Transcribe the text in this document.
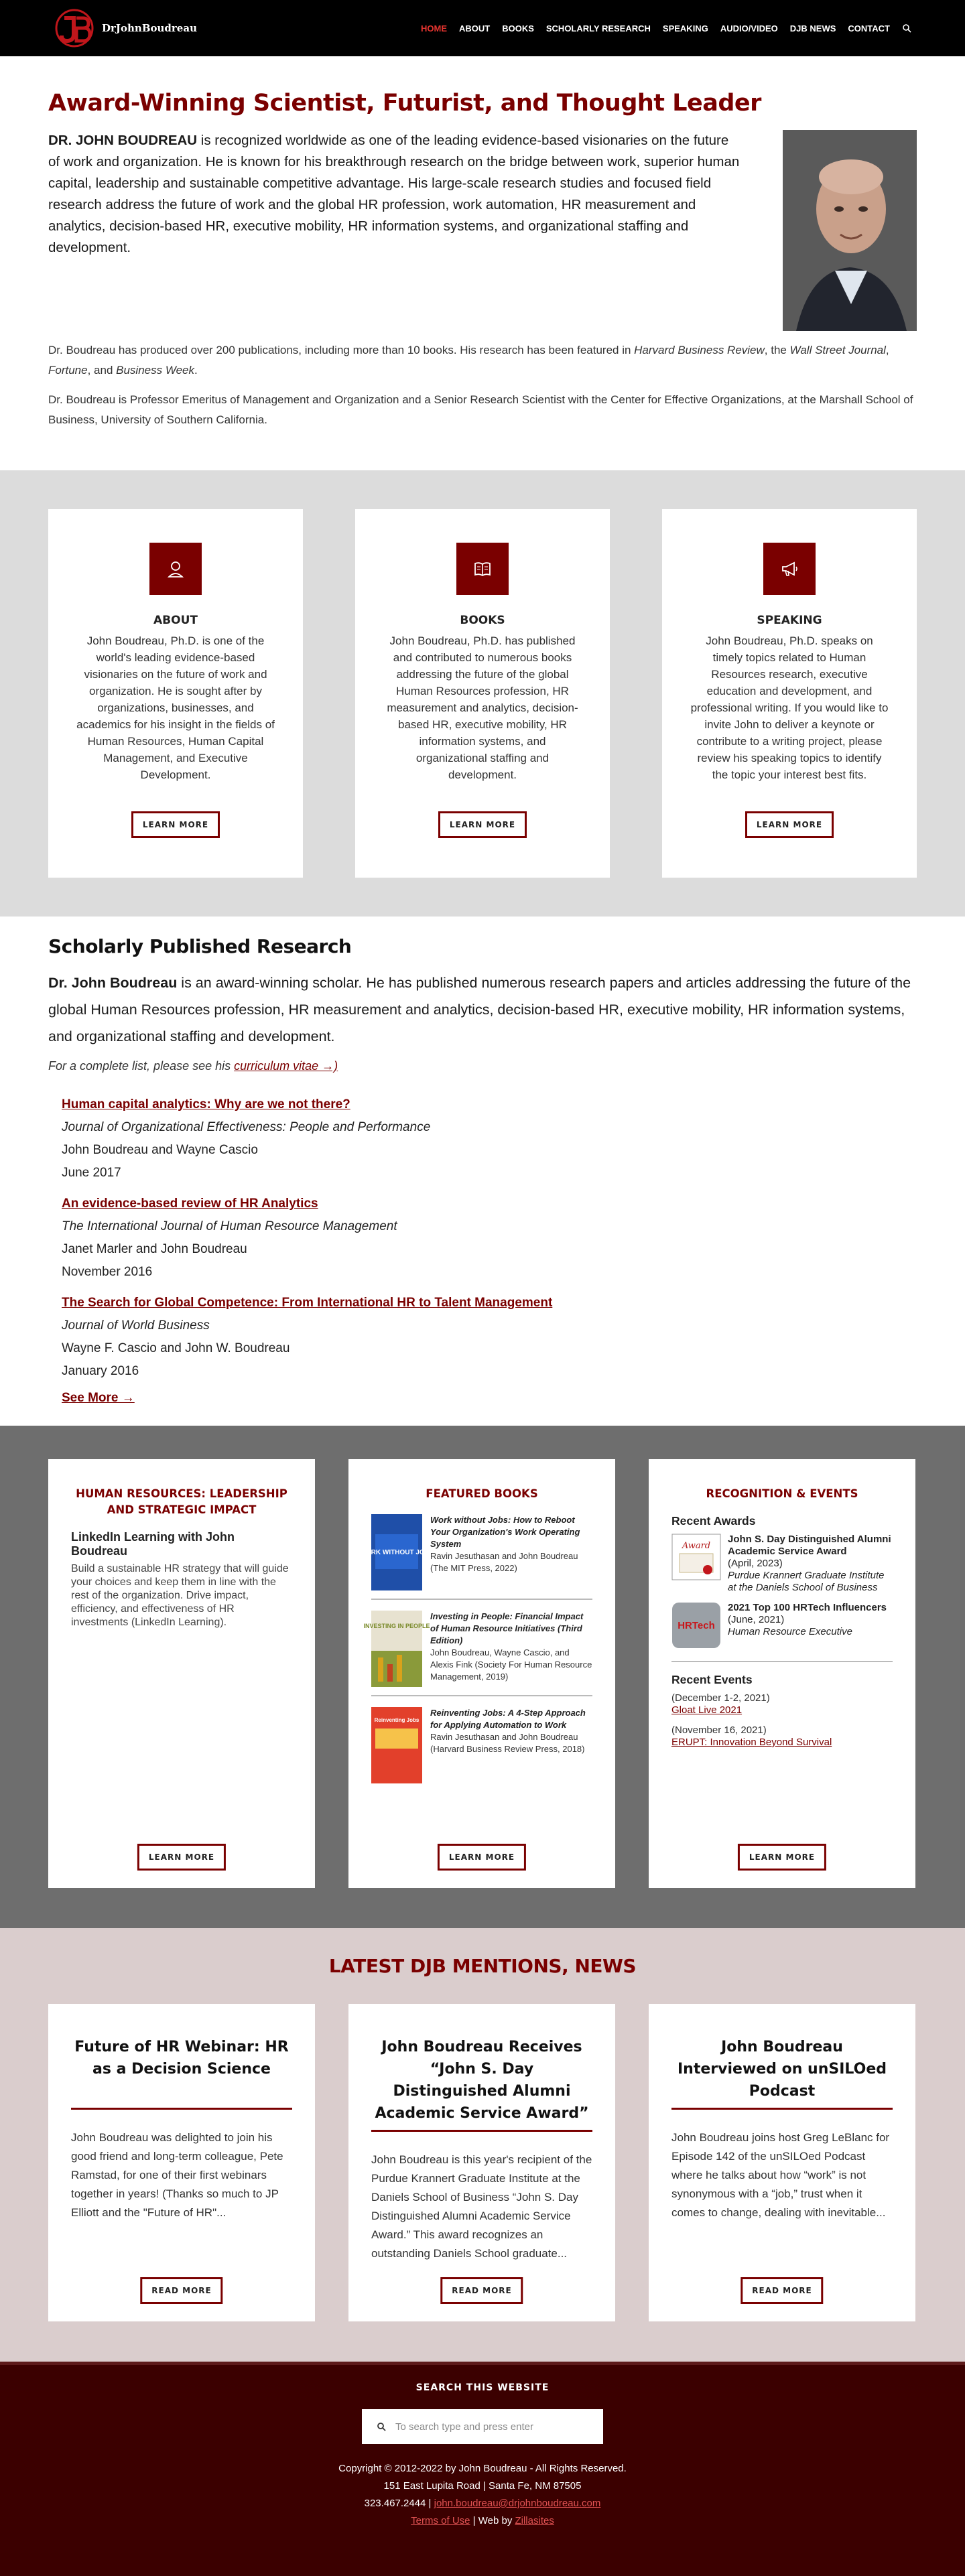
DrJohnBoudreau	HOME ABOUT BOOKS SCHOLARLY RESEARCH SPEAKING AUDIO/VIDEO DJB NEWS CONTACT
Award-Winning Scientist, Futurist, and Thought Leader

DR. JOHN BOUDREAU is recognized worldwide as one of the leading evidence-based visionaries on the future of work and organization. He is known for his breakthrough research on the bridge between work, superior human capital, leadership and sustainable competitive advantage. His large-scale research studies and focused field research address the future of work and the global HR profession, work automation, HR measurement and analytics, decision-based HR, executive mobility, HR information systems, and organizational staffing and development.

Dr. Boudreau has produced over 200 publications, including more than 10 books. His research has been featured in Harvard Business Review, the Wall Street Journal, Fortune, and Business Week.

Dr. Boudreau is Professor Emeritus of Management and Organization and a Senior Research Scientist with the Center for Effective Organizations, at the Marshall School of Business, University of Southern California.

ABOUT

John Boudreau, Ph.D. is one of the world's leading evidence-based visionaries on the future of work and organization. He is sought after by organizations, businesses, and academics for his insight in the fields of Human Resources, Human Capital Management, and Executive Development.

LEARN MORE
BOOKS

John Boudreau, Ph.D. has published and contributed to numerous books addressing the future of the global Human Resources profession, HR measurement and analytics, decision-based HR, executive mobility, HR information systems, and organizational staffing and development.

LEARN MORE
SPEAKING

John Boudreau, Ph.D. speaks on timely topics related to Human Resources research, executive education and development, and professional writing. If you would like to invite John to deliver a keynote or contribute to a writing project, please review his speaking topics to identify the topic your interest best fits.

LEARN MORE
Scholarly Published Research

Dr. John Boudreau is an award-winning scholar. He has published numerous research papers and articles addressing the future of the global Human Resources profession, HR measurement and analytics, decision-based HR, executive mobility, HR information systems, and organizational staffing and development.

For a complete list, please see his curriculum vitae →)

Human capital analytics: Why are we not there?
Journal of Organizational Effectiveness: People and Performance
John Boudreau and Wayne Cascio
June 2017
An evidence-based review of HR Analytics
The International Journal of Human Resource Management
Janet Marler and John Boudreau
November 2016
The Search for Global Competence: From International HR to Talent Management
Journal of World Business
Wayne F. Cascio and John W. Boudreau
January 2016
See More →
HUMAN RESOURCES: LEADERSHIP AND STRATEGIC IMPACT
LinkedIn Learning with John Boudreau
Build a sustainable HR strategy that will guide your choices and keep them in line with the rest of the organization. Drive impact, efficiency, and effectiveness of HR investments (LinkedIn Learning).
LEARN MORE
FEATURED BOOKS
WORK WITHOUT JOBS
Work without Jobs: How to Reboot Your Organization's Work Operating System
Ravin Jesuthasan and John Boudreau (The MIT Press, 2022)
INVESTING IN PEOPLE
Investing in People: Financial Impact of Human Resource Initiatives (Third Edition)
John Boudreau, Wayne Cascio, and Alexis Fink (Society For Human Resource Management, 2019)
Reinventing Jobs
Reinventing Jobs: A 4-Step Approach for Applying Automation to Work
Ravin Jesuthasan and John Boudreau (Harvard Business Review Press, 2018)
LEARN MORE
RECOGNITION & EVENTS
Recent Awards
Award
John S. Day Distinguished Alumni Academic Service Award
(April, 2023)
Purdue Krannert Graduate Institute at the Daniels School of Business
HRTech
2021 Top 100 HRTech Influencers
(June, 2021)
Human Resource Executive
Recent Events
(December 1-2, 2021)
Gloat Live 2021
(November 16, 2021)
ERUPT: Innovation Beyond Survival
LEARN MORE
LATEST DJB MENTIONS, NEWS
Future of HR Webinar: HR as a Decision Science

John Boudreau was delighted to join his good friend and long-term colleague, Pete Ramstad, for one of their first webinars together in years! (Thanks so much to JP Elliott and the "Future of HR"...

READ MORE
John Boudreau Receives “John S. Day Distinguished Alumni Academic Service Award”

John Boudreau is this year's recipient of the Purdue Krannert Graduate Institute at the Daniels School of Business “John S. Day Distinguished Alumni Academic Service Award.” This award recognizes an outstanding Daniels School graduate...

READ MORE
John Boudreau Interviewed on unSILOed Podcast

John Boudreau joins host Greg LeBlanc for Episode 142 of the unSILOed Podcast where he talks about how “work” is not synonymous with a “job,” trust when it comes to change, dealing with inevitable...

READ MORE
SEARCH THIS WEBSITE
To search type and press enter
Copyright © 2012-2022 by John Boudreau - All Rights Reserved.
151 East Lupita Road | Santa Fe, NM 87505
323.467.2444 | john.boudreau@drjohnboudreau.com
Terms of Use | Web by Zillasites
